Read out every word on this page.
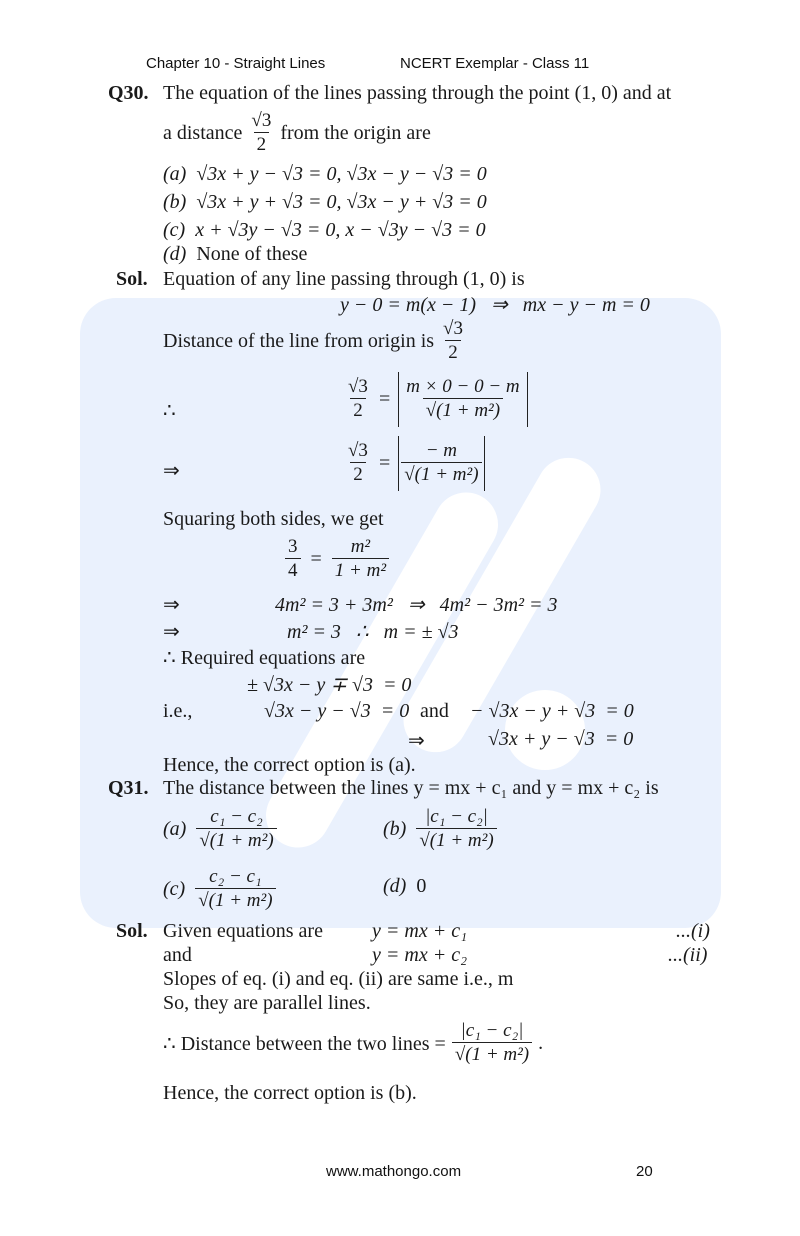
Chapter 10 - Straight Lines	NCERT Exemplar - Class 11
Q30. The equation of the lines passing through the point (1, 0) and at
a distance $\frac{√3}{2}$ from the origin are
(a) √3x + y − √3 = 0, √3x − y − √3 = 0
(b) √3x + y + √3 = 0, √3x − y + √3 = 0
(c) x + √3y − √3 = 0, x − √3y − √3 = 0
(d) None of these
Sol. Equation of any line passing through (1, 0) is
y − 0 = m(x − 1)   ⇒   mx − y − m = 0
Distance of the line from origin is $\frac{√3}{2}$
∴	$\frac{√3}{2} = \frac{m \times 0 - 0 - m}{\text{√(1 + m²)}}$
⇒	$\frac{√3}{2} = \frac{- m}{\text{√(1 + m²)}}$
Squaring both sides, we get
$\frac{3}{4} = \frac{\text{m²}}{\text{1 + m²}}$
⇒	4m² = 3 + 3m²   ⇒   4m² − 3m² = 3
⇒	m² = 3   ∴   m = ± √3
∴ Required equations are
± √3x − y ∓ √3  = 0
i.e.,	√3x − y − √3  = 0 and − √3x − y + √3  = 0
⇒	√3x + y − √3  = 0
Hence, the correct option is (a).
Q31. The distance between the lines y = mx + c₁ and y = mx + c₂ is
$(a) \frac{\text{c₁ − c₂}}{\text{√(1 + m²)}}$	$(b) \frac{\text{|c₁ − c₂|}}{\text{√(1 + m²)}}$
$(c) \frac{\text{c₂ − c₁}}{\text{√(1 + m²)}}$	(d) 0
Sol. Given equations are y = mx + c₁	...(i)
and	y = mx + c₂	...(ii)
Slopes of eq. (i) and eq. (ii) are same i.e., m
So, they are parallel lines.
∴ Distance between the two lines = $\frac{\text{|c₁ − c₂|}}{\text{√(1 + m²)}}$ .
Hence, the correct option is (b).
www.mathongo.com	20
